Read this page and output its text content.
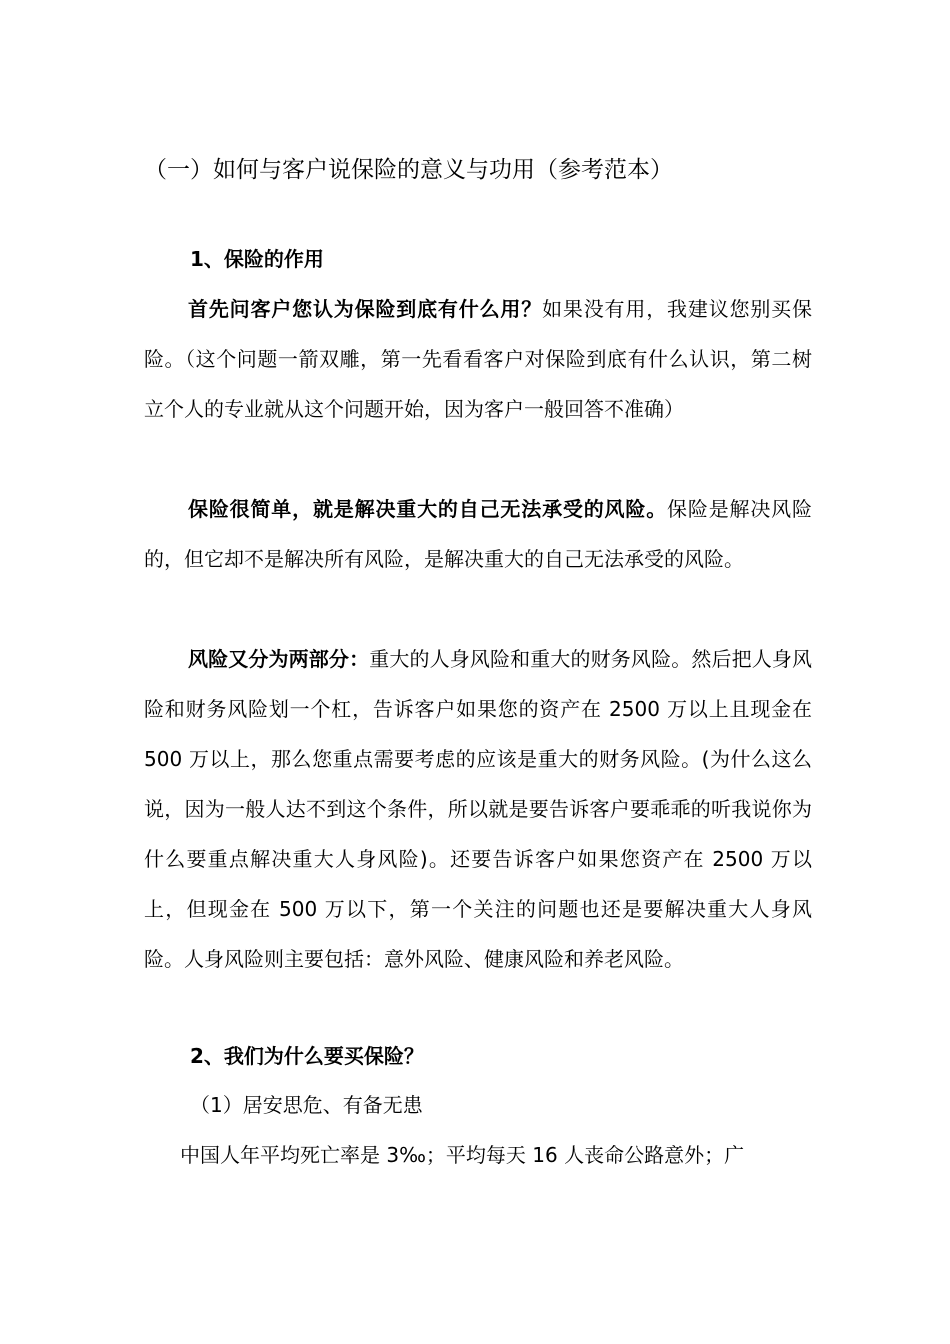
（一）如何与客户说保险的意义与功用（参考范本）
1、保险的作用
首先问客户您认为保险到底有什么用？如果没有用，我建议您别买保险。（这个问题一箭双雕，第一先看看客户对保险到底有什么认识，第二树立个人的专业就从这个问题开始，因为客户一般回答不准确）
保险很简单，就是解决重大的自己无法承受的风险。保险是解决风险的，但它却不是解决所有风险，是解决重大的自己无法承受的风险。
风险又分为两部分：重大的人身风险和重大的财务风险。然后把人身风险和财务风险划一个杠，告诉客户如果您的资产在 2500 万以上且现金在 500 万以上，那么您重点需要考虑的应该是重大的财务风险。(为什么这么说，因为一般人达不到这个条件，所以就是要告诉客户要乖乖的听我说你为什么要重点解决重大人身风险)。还要告诉客户如果您资产在 2500 万以上，但现金在 500 万以下，第一个关注的问题也还是要解决重大人身风险。人身风险则主要包括：意外风险、健康风险和养老风险。
2、我们为什么要买保险？
（1）居安思危、有备无患
中国人年平均死亡率是 3‰；平均每天 16 人丧命公路意外；广
